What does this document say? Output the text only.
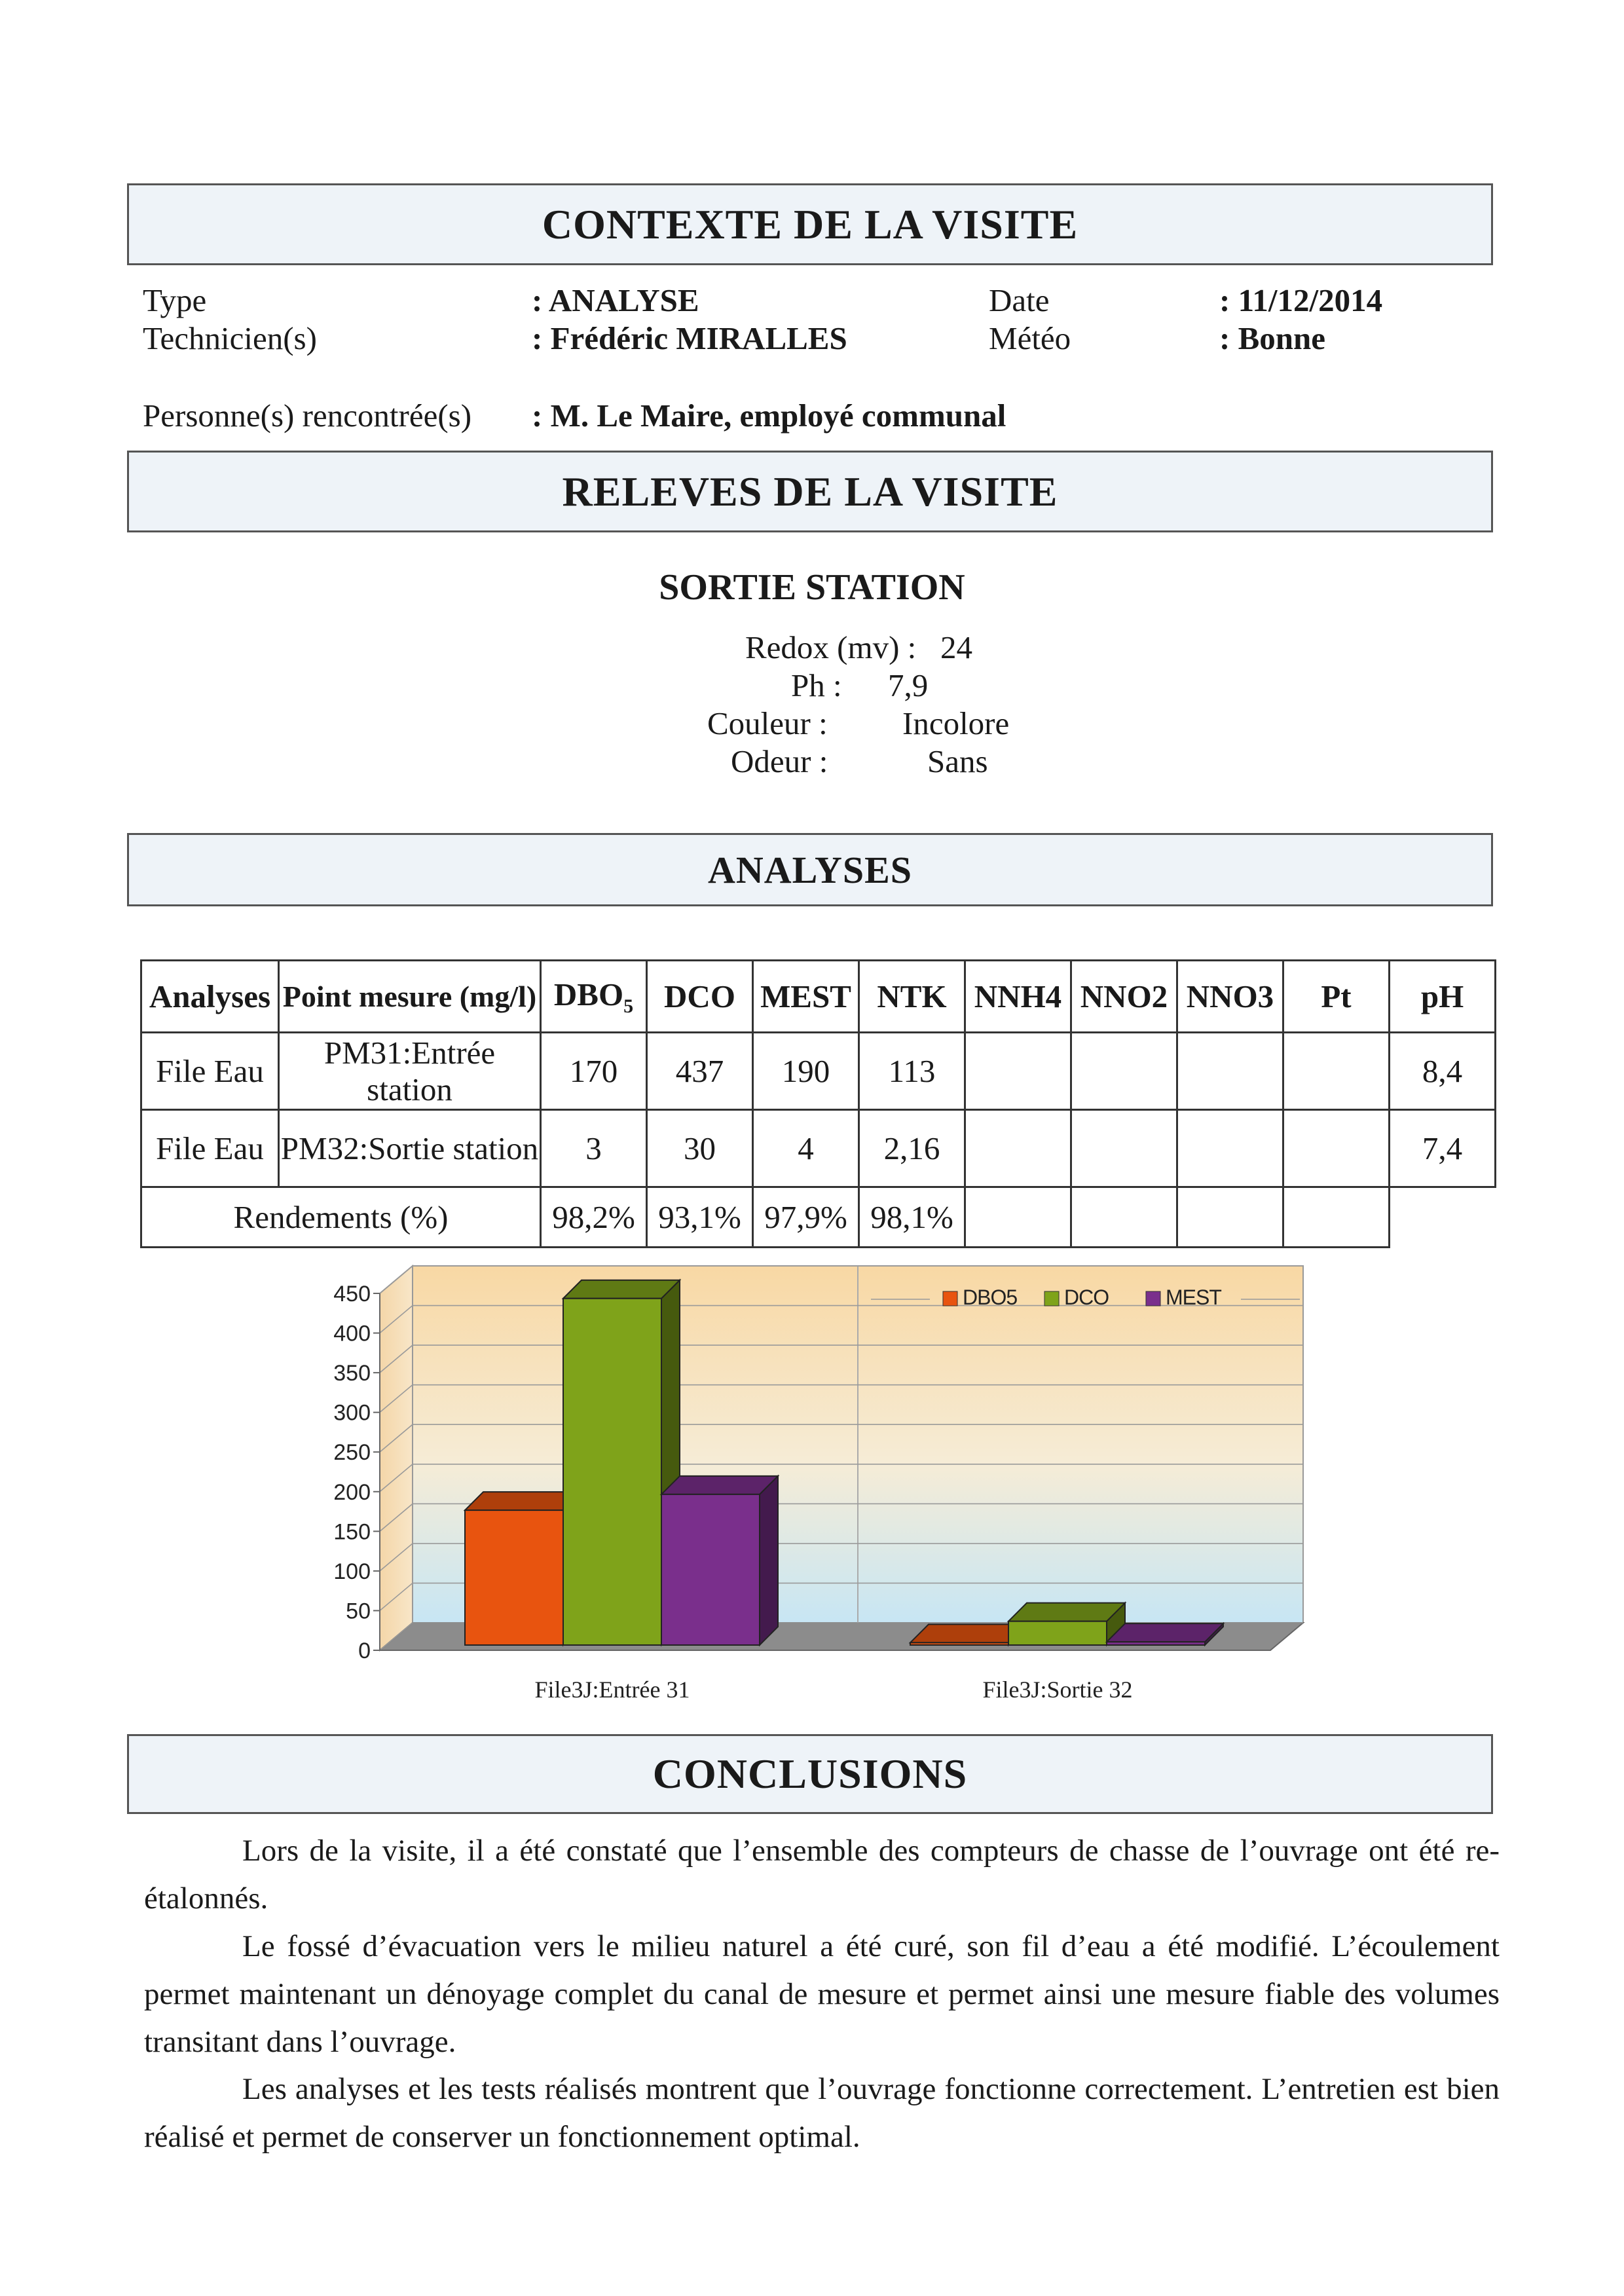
CONTEXTE DE LA VISITE
Type	: ANALYSE
Technicien(s)	: Frédéric MIRALLES
Date	: 11/12/2014
Météo	: Bonne
Personne(s) rencontrée(s) : M. Le Maire, employé communal
RELEVES DE LA VISITE
SORTIE STATION
Redox (mv) : 24
Ph : 7,9
Couleur : Incolore
Odeur :	Sans
ANALYSES
Analyses	Point mesure (mg/l)	$DBO_5$	DCO	MEST	NTK	NNH4	NNO2	NNO3	Pt	pH
File Eau	PM31:Entrée station	170	437	190	113					8,4
File Eau	PM32:Sortie station	3	30	4	2,16					7,4
Rendements (%)		98,2%	93,1%	97,9%	98,1%					
0
50
100
150
200
250
300
350
400
450
File3J:Entrée 31	File3J:Sortie 32
DBO5 DCO	MEST
CONCLUSIONS

Lors de la visite, il a été constaté que l’ensemble des compteurs de chasse de l’ouvrage ont été re-étalonnés.

Le fossé d’évacuation vers le milieu naturel a été curé, son fil d’eau a été modifié. L’écoulement permet maintenant un dénoyage complet du canal de mesure et permet ainsi une mesure fiable des volumes transitant dans l’ouvrage.

Les analyses et les tests réalisés montrent que l’ouvrage fonctionne correctement. L’entretien est bien réalisé et permet de conserver un fonctionnement optimal.
